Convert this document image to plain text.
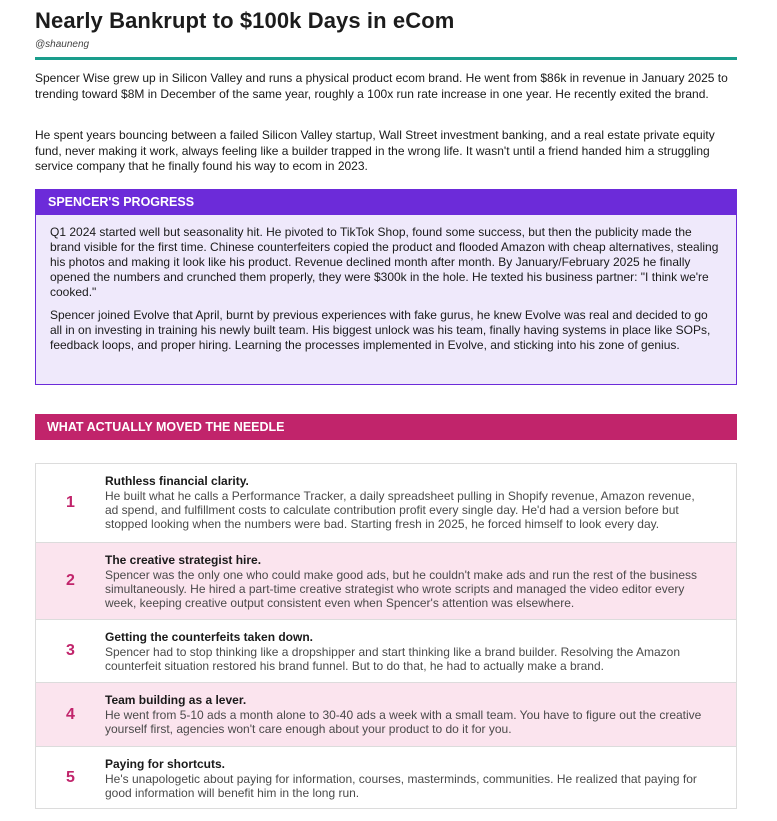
Nearly Bankrupt to $100k Days in eCom
@shauneng

Spencer Wise grew up in Silicon Valley and runs a physical product ecom brand. He went from $86k in revenue in January 2025 to trending toward $8M in December of the same year, roughly a 100x run rate increase in one year. He recently exited the brand.

He spent years bouncing between a failed Silicon Valley startup, Wall Street investment banking, and a real estate private equity fund, never making it work, always feeling like a builder trapped in the wrong life. It wasn't until a friend handed him a struggling service company that he finally found his way to ecom in 2023.

SPENCER'S PROGRESS

Q1 2024 started well but seasonality hit. He pivoted to TikTok Shop, found some success, but then the publicity made the brand visible for the first time. Chinese counterfeiters copied the product and flooded Amazon with cheap alternatives, stealing his photos and making it look like his product. Revenue declined month after month. By January/February 2025 he finally opened the numbers and crunched them properly, they were $300k in the hole. He texted his business partner: "I think we're cooked."

Spencer joined Evolve that April, burnt by previous experiences with fake gurus, he knew Evolve was real and decided to go all in on investing in training his newly built team. His biggest unlock was his team, finally having systems in place like SOPs, feedback loops, and proper hiring. Learning the processes implemented in Evolve, and sticking into his zone of genius.

WHAT ACTUALLY MOVED THE NEEDLE
1
Ruthless financial clarity.
He built what he calls a Performance Tracker, a daily spreadsheet pulling in Shopify revenue, Amazon revenue, ad spend, and fulfillment costs to calculate contribution profit every single day. He'd had a version before but stopped looking when the numbers were bad. Starting fresh in 2025, he forced himself to look every day.
2
The creative strategist hire.
Spencer was the only one who could make good ads, but he couldn't make ads and run the rest of the business simultaneously. He hired a part-time creative strategist who wrote scripts and managed the video editor every week, keeping creative output consistent even when Spencer's attention was elsewhere.
3
Getting the counterfeits taken down.
Spencer had to stop thinking like a dropshipper and start thinking like a brand builder. Resolving the Amazon counterfeit situation restored his brand funnel. But to do that, he had to actually make a brand.
4
Team building as a lever.
He went from 5-10 ads a month alone to 30-40 ads a week with a small team. You have to figure out the creative yourself first, agencies won't care enough about your product to do it for you.
5
Paying for shortcuts.
He's unapologetic about paying for information, courses, masterminds, communities. He realized that paying for good information will benefit him in the long run.
